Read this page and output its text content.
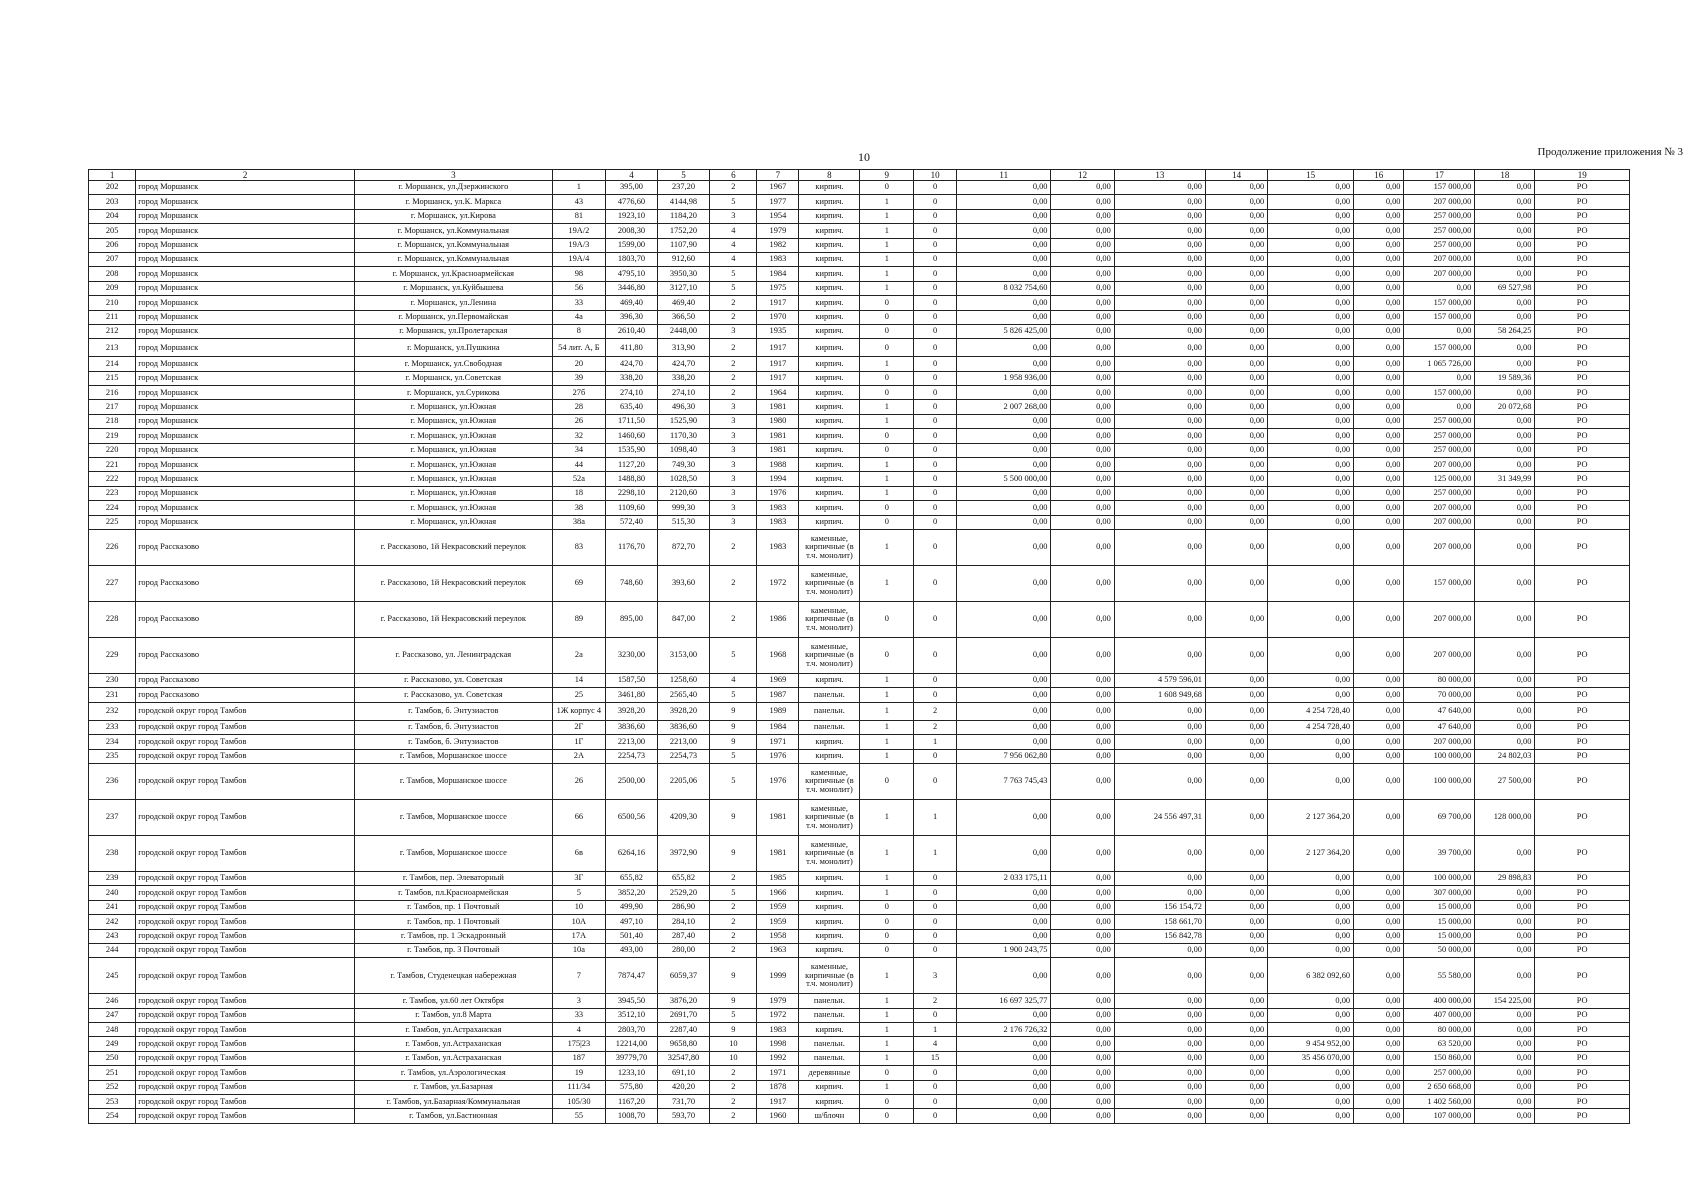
10	Продолжение приложения № 3
1	2	3		4	5	6	7	8	9	10	11	12	13	14	15	16	17	18	19
202	город Моршанск	г. Моршанск, ул.Дзержинского	1	395,00	237,20	2	1967	кирпич.	0	0	0,00	0,00	0,00	0,00	0,00	0,00	157 000,00	0,00	РО
203	город Моршанск	г. Моршанск, ул.К. Маркса	43	4776,60	4144,98	5	1977	кирпич.	1	0	0,00	0,00	0,00	0,00	0,00	0,00	207 000,00	0,00	РО
204	город Моршанск	г. Моршанск, ул.Кирова	81	1923,10	1184,20	3	1954	кирпич.	1	0	0,00	0,00	0,00	0,00	0,00	0,00	257 000,00	0,00	РО
205	город Моршанск	г. Моршанск, ул.Коммунальная	19А/2	2008,30	1752,20	4	1979	кирпич.	1	0	0,00	0,00	0,00	0,00	0,00	0,00	257 000,00	0,00	РО
206	город Моршанск	г. Моршанск, ул.Коммунальная	19А/3	1599,00	1107,90	4	1982	кирпич.	1	0	0,00	0,00	0,00	0,00	0,00	0,00	257 000,00	0,00	РО
207	город Моршанск	г. Моршанск, ул.Коммунальная	19А/4	1803,70	912,60	4	1983	кирпич.	1	0	0,00	0,00	0,00	0,00	0,00	0,00	207 000,00	0,00	РО
208	город Моршанск	г. Моршанск, ул.Красноармейская	98	4795,10	3950,30	5	1984	кирпич.	1	0	0,00	0,00	0,00	0,00	0,00	0,00	207 000,00	0,00	РО
209	город Моршанск	г. Моршанск, ул.Куйбышева	56	3446,80	3127,10	5	1975	кирпич.	1	0	8 032 754,60	0,00	0,00	0,00	0,00	0,00	0,00	69 527,98	РО
210	город Моршанск	г. Моршанск, ул.Ленина	33	469,40	469,40	2	1917	кирпич.	0	0	0,00	0,00	0,00	0,00	0,00	0,00	157 000,00	0,00	РО
211	город Моршанск	г. Моршанск, ул.Первомайская	4а	396,30	366,50	2	1970	кирпич.	0	0	0,00	0,00	0,00	0,00	0,00	0,00	157 000,00	0,00	РО
212	город Моршанск	г. Моршанск, ул.Пролетарская	8	2610,40	2448,00	3	1935	кирпич.	0	0	5 826 425,00	0,00	0,00	0,00	0,00	0,00	0,00	58 264,25	РО
213	город Моршанск	г. Моршанск, ул.Пушкина	54 лит. А, Б	411,80	313,90	2	1917	кирпич.	0	0	0,00	0,00	0,00	0,00	0,00	0,00	157 000,00	0,00	РО
214	город Моршанск	г. Моршанск, ул.Свободная	20	424,70	424,70	2	1917	кирпич.	1	0	0,00	0,00	0,00	0,00	0,00	0,00	1 065 726,00	0,00	РО
215	город Моршанск	г. Моршанск, ул.Советская	39	338,20	338,20	2	1917	кирпич.	0	0	1 958 936,00	0,00	0,00	0,00	0,00	0,00	0,00	19 589,36	РО
216	город Моршанск	г. Моршанск, ул.Сурикова	27б	274,10	274,10	2	1964	кирпич.	0	0	0,00	0,00	0,00	0,00	0,00	0,00	157 000,00	0,00	РО
217	город Моршанск	г. Моршанск, ул.Южная	28	635,40	496,30	3	1981	кирпич.	1	0	2 007 268,00	0,00	0,00	0,00	0,00	0,00	0,00	20 072,68	РО
218	город Моршанск	г. Моршанск, ул.Южная	26	1711,50	1525,90	3	1980	кирпич.	1	0	0,00	0,00	0,00	0,00	0,00	0,00	257 000,00	0,00	РО
219	город Моршанск	г. Моршанск, ул.Южная	32	1460,60	1170,30	3	1981	кирпич.	0	0	0,00	0,00	0,00	0,00	0,00	0,00	257 000,00	0,00	РО
220	город Моршанск	г. Моршанск, ул.Южная	34	1535,90	1098,40	3	1981	кирпич.	0	0	0,00	0,00	0,00	0,00	0,00	0,00	257 000,00	0,00	РО
221	город Моршанск	г. Моршанск, ул.Южная	44	1127,20	749,30	3	1988	кирпич.	1	0	0,00	0,00	0,00	0,00	0,00	0,00	207 000,00	0,00	РО
222	город Моршанск	г. Моршанск, ул.Южная	52а	1488,80	1028,50	3	1994	кирпич.	1	0	5 500 000,00	0,00	0,00	0,00	0,00	0,00	125 000,00	31 349,99	РО
223	город Моршанск	г. Моршанск, ул.Южная	18	2298,10	2120,60	3	1976	кирпич.	1	0	0,00	0,00	0,00	0,00	0,00	0,00	257 000,00	0,00	РО
224	город Моршанск	г. Моршанск, ул.Южная	38	1109,60	999,30	3	1983	кирпич.	0	0	0,00	0,00	0,00	0,00	0,00	0,00	207 000,00	0,00	РО
225	город Моршанск	г. Моршанск, ул.Южная	38а	572,40	515,30	3	1983	кирпич.	0	0	0,00	0,00	0,00	0,00	0,00	0,00	207 000,00	0,00	РО
226	город Рассказово	г. Рассказово, 1й Некрасовский переулок	83	1176,70	872,70	2	1983	каменные, кирпичные (в т.ч. монолит)	1	0	0,00	0,00	0,00	0,00	0,00	0,00	207 000,00	0,00	РО
227	город Рассказово	г. Рассказово, 1й Некрасовский переулок	69	748,60	393,60	2	1972	каменные, кирпичные (в т.ч. монолит)	1	0	0,00	0,00	0,00	0,00	0,00	0,00	157 000,00	0,00	РО
228	город Рассказово	г. Рассказово, 1й Некрасовский переулок	89	895,00	847,00	2	1986	каменные, кирпичные (в т.ч. монолит)	0	0	0,00	0,00	0,00	0,00	0,00	0,00	207 000,00	0,00	РО
229	город Рассказово	г. Рассказово, ул. Ленинградская	2а	3230,00	3153,00	5	1968	каменные, кирпичные (в т.ч. монолит)	0	0	0,00	0,00	0,00	0,00	0,00	0,00	207 000,00	0,00	РО
230	город Рассказово	г. Рассказово, ул. Советская	14	1587,50	1258,60	4	1969	кирпич.	1	0	0,00	0,00	4 579 596,01	0,00	0,00	0,00	80 000,00	0,00	РО
231	город Рассказово	г. Рассказово, ул. Советская	25	3461,80	2565,40	5	1987	панельн.	1	0	0,00	0,00	1 608 949,68	0,00	0,00	0,00	70 000,00	0,00	РО
232	городской округ город Тамбов	г. Тамбов, б. Энтузиастов	1Ж корпус 4	3928,20	3928,20	9	1989	панельн.	1	2	0,00	0,00	0,00	0,00	4 254 728,40	0,00	47 640,00	0,00	РО
233	городской округ город Тамбов	г. Тамбов, б. Энтузиастов	2Г	3836,60	3836,60	9	1984	панельн.	1	2	0,00	0,00	0,00	0,00	4 254 728,40	0,00	47 640,00	0,00	РО
234	городской округ город Тамбов	г. Тамбов, б. Энтузиастов	1Г	2213,00	2213,00	9	1971	кирпич.	1	1	0,00	0,00	0,00	0,00	0,00	0,00	207 000,00	0,00	РО
235	городской округ город Тамбов	г. Тамбов, Моршанское шоссе	2А	2254,73	2254,73	5	1976	кирпич.	1	0	7 956 062,80	0,00	0,00	0,00	0,00	0,00	100 000,00	24 802,03	РО
236	городской округ город Тамбов	г. Тамбов, Моршанское шоссе	26	2500,00	2205,06	5	1976	каменные, кирпичные (в т.ч. монолит)	0	0	7 763 745,43	0,00	0,00	0,00	0,00	0,00	100 000,00	27 500,00	РО
237	городской округ город Тамбов	г. Тамбов, Моршанское шоссе	66	6500,56	4209,30	9	1981	каменные, кирпичные (в т.ч. монолит)	1	1	0,00	0,00	24 556 497,31	0,00	2 127 364,20	0,00	69 700,00	128 000,00	РО
238	городской округ город Тамбов	г. Тамбов, Моршанское шоссе	6в	6264,16	3972,90	9	1981	каменные, кирпичные (в т.ч. монолит)	1	1	0,00	0,00	0,00	0,00	2 127 364,20	0,00	39 700,00	0,00	РО
239	городской округ город Тамбов	г. Тамбов, пер. Элеваторный	3Г	655,82	655,82	2	1985	кирпич.	1	0	2 033 175,11	0,00	0,00	0,00	0,00	0,00	100 000,00	29 898,83	РО
240	городской округ город Тамбов	г. Тамбов, пл.Красноармейская	5	3852,20	2529,20	5	1966	кирпич.	1	0	0,00	0,00	0,00	0,00	0,00	0,00	307 000,00	0,00	РО
241	городской округ город Тамбов	г. Тамбов, пр. 1 Почтовый	10	499,90	286,90	2	1959	кирпич.	0	0	0,00	0,00	156 154,72	0,00	0,00	0,00	15 000,00	0,00	РО
242	городской округ город Тамбов	г. Тамбов, пр. 1 Почтовый	10А	497,10	284,10	2	1959	кирпич.	0	0	0,00	0,00	158 661,70	0,00	0,00	0,00	15 000,00	0,00	РО
243	городской округ город Тамбов	г. Тамбов, пр. 1 Эскадронный	17А	501,40	287,40	2	1958	кирпич.	0	0	0,00	0,00	156 842,78	0,00	0,00	0,00	15 000,00	0,00	РО
244	городской округ город Тамбов	г. Тамбов, пр. 3 Почтовый	10а	493,00	280,00	2	1963	кирпич.	0	0	1 900 243,75	0,00	0,00	0,00	0,00	0,00	50 000,00	0,00	РО
245	городской округ город Тамбов	г. Тамбов, Студенецкая набережная	7	7874,47	6059,37	9	1999	каменные, кирпичные (в т.ч. монолит)	1	3	0,00	0,00	0,00	0,00	6 382 092,60	0,00	55 580,00	0,00	РО
246	городской округ город Тамбов	г. Тамбов, ул.60 лет Октября	3	3945,50	3876,20	9	1979	панельн.	1	2	16 697 325,77	0,00	0,00	0,00	0,00	0,00	400 000,00	154 225,00	РО
247	городской округ город Тамбов	г. Тамбов, ул.8 Марта	33	3512,10	2691,70	5	1972	панельн.	1	0	0,00	0,00	0,00	0,00	0,00	0,00	407 000,00	0,00	РО
248	городской округ город Тамбов	г. Тамбов, ул.Астраханская	4	2803,70	2287,40	9	1983	кирпич.	1	1	2 176 726,32	0,00	0,00	0,00	0,00	0,00	80 000,00	0,00	РО
249	городской округ город Тамбов	г. Тамбов, ул.Астраханская	175|23	12214,00	9658,80	10	1998	панельн.	1	4	0,00	0,00	0,00	0,00	9 454 952,00	0,00	63 520,00	0,00	РО
250	городской округ город Тамбов	г. Тамбов, ул.Астраханская	187	39779,70	32547,80	10	1992	панельн.	1	15	0,00	0,00	0,00	0,00	35 456 070,00	0,00	150 860,00	0,00	РО
251	городской округ город Тамбов	г. Тамбов, ул.Аэрологическая	19	1233,10	691,10	2	1971	деревянные	0	0	0,00	0,00	0,00	0,00	0,00	0,00	257 000,00	0,00	РО
252	городской округ город Тамбов	г. Тамбов, ул.Базарная	111/34	575,80	420,20	2	1878	кирпич.	1	0	0,00	0,00	0,00	0,00	0,00	0,00	2 650 668,00	0,00	РО
253	городской округ город Тамбов	г. Тамбов, ул.Базарная/Коммунальная	105/30	1167,20	731,70	2	1917	кирпич.	0	0	0,00	0,00	0,00	0,00	0,00	0,00	1 402 560,00	0,00	РО
254	городской округ город Тамбов	г. Тамбов, ул.Бастионная	55	1008,70	593,70	2	1960	ш/блочн	0	0	0,00	0,00	0,00	0,00	0,00	0,00	107 000,00	0,00	РО
